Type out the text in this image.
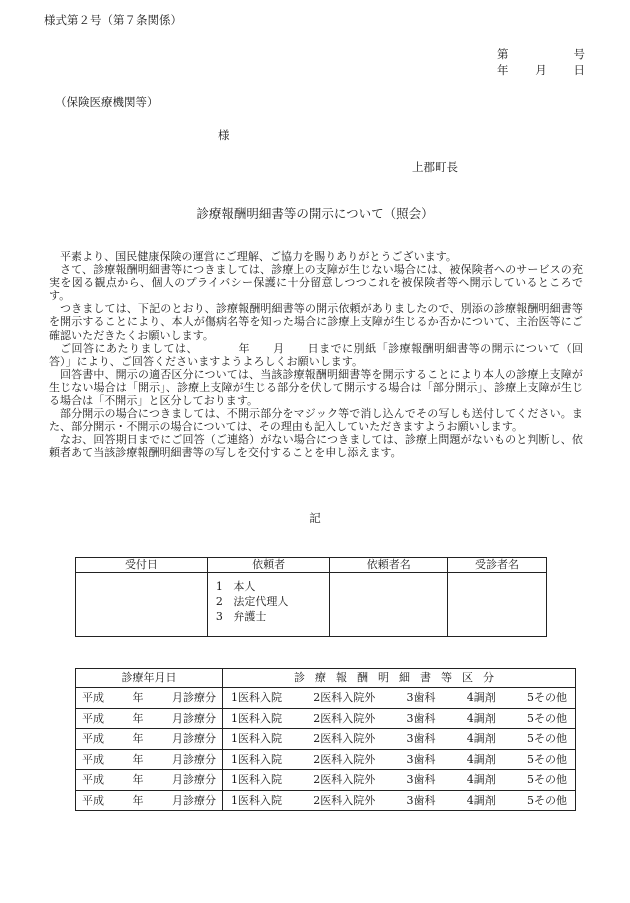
様式第２号（第７条関係）
第	号
年 月 日
（保険医療機関等）
様
上郡町長
診療報酬明細書等の開示について（照会）

平素より、国民健康保険の運営にご理解、ご協力を賜りありがとうございます。

さて、診療報酬明細書等につきましては、診療上の支障が生じない場合には、被保険者へのサービスの充実を図る観点から、個人のプライバシー保護に十分留意しつつこれを被保険者等へ開示しているところです。

つきましては、下記のとおり、診療報酬明細書等の開示依頼がありましたので、別添の診療報酬明細書等を開示することにより、本人が傷病名等を知った場合に診療上支障が生じるか否かについて、主治医等にご確認いただきたくお願いします。

ご回答にあたりましては、　　　　年　　月　　日までに別紙「診療報酬明細書等の開示について（回答）」により、ご回答くださいますようよろしくお願いします。

回答書中、開示の適否区分については、当該診療報酬明細書等を開示することにより本人の診療上支障が生じない場合は「開示」、診療上支障が生じる部分を伏して開示する場合は「部分開示」、診療上支障が生じる場合は「不開示」と区分しております。

部分開示の場合につきましては、不開示部分をマジック等で消し込んでその写しも送付してください。また、部分開示・不開示の場合については、その理由も記入していただきますようお願いします。

なお、回答期日までにご回答（ご連絡）がない場合につきましては、診療上問題がないものと判断し、依頼者あて当該診療報酬明細書等の写しを交付することを申し添えます。

記
受付日	依頼者	依頼者名	受診者名

	1 本人
2 法定代理人
3 弁護士		

診療年月日	診療報酬明細書等区分

平成 年 月診療分	1医科入院 2医科入院外 3歯科 4調剤 5その他

平成 年 月診療分	1医科入院 2医科入院外 3歯科 4調剤 5その他

平成 年 月診療分	1医科入院 2医科入院外 3歯科 4調剤 5その他

平成 年 月診療分	1医科入院 2医科入院外 3歯科 4調剤 5その他

平成 年 月診療分	1医科入院 2医科入院外 3歯科 4調剤 5その他

平成 年 月診療分	1医科入院 2医科入院外 3歯科 4調剤 5その他
